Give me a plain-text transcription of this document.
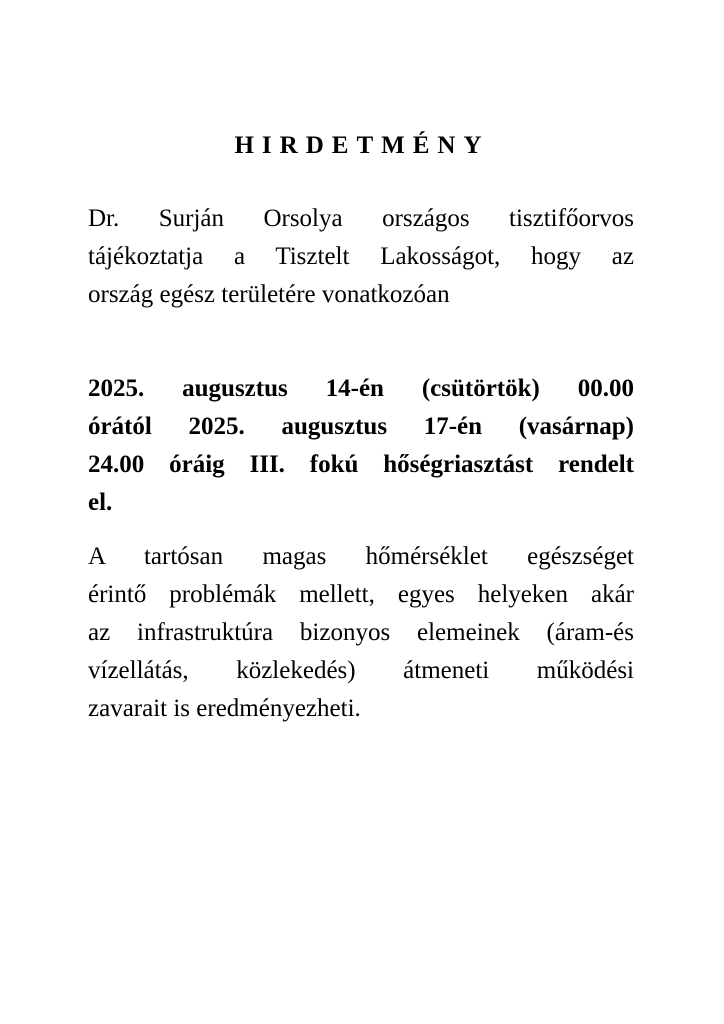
HIRDETMÉNY
Dr. Surján Orsolya országos tisztifőorvos
tájékoztatja a Tisztelt Lakosságot, hogy az
ország egész területére vonatkozóan
2025. augusztus 14-én (csütörtök) 00.00
órától 2025. augusztus 17-én (vasárnap)
24.00 óráig III. fokú hőségriasztást rendelt
el.
A tartósan magas hőmérséklet egészséget
érintő problémák mellett, egyes helyeken akár
az infrastruktúra bizonyos elemeinek (áram-és
vízellátás, közlekedés) átmeneti működési
zavarait is eredményezheti.
